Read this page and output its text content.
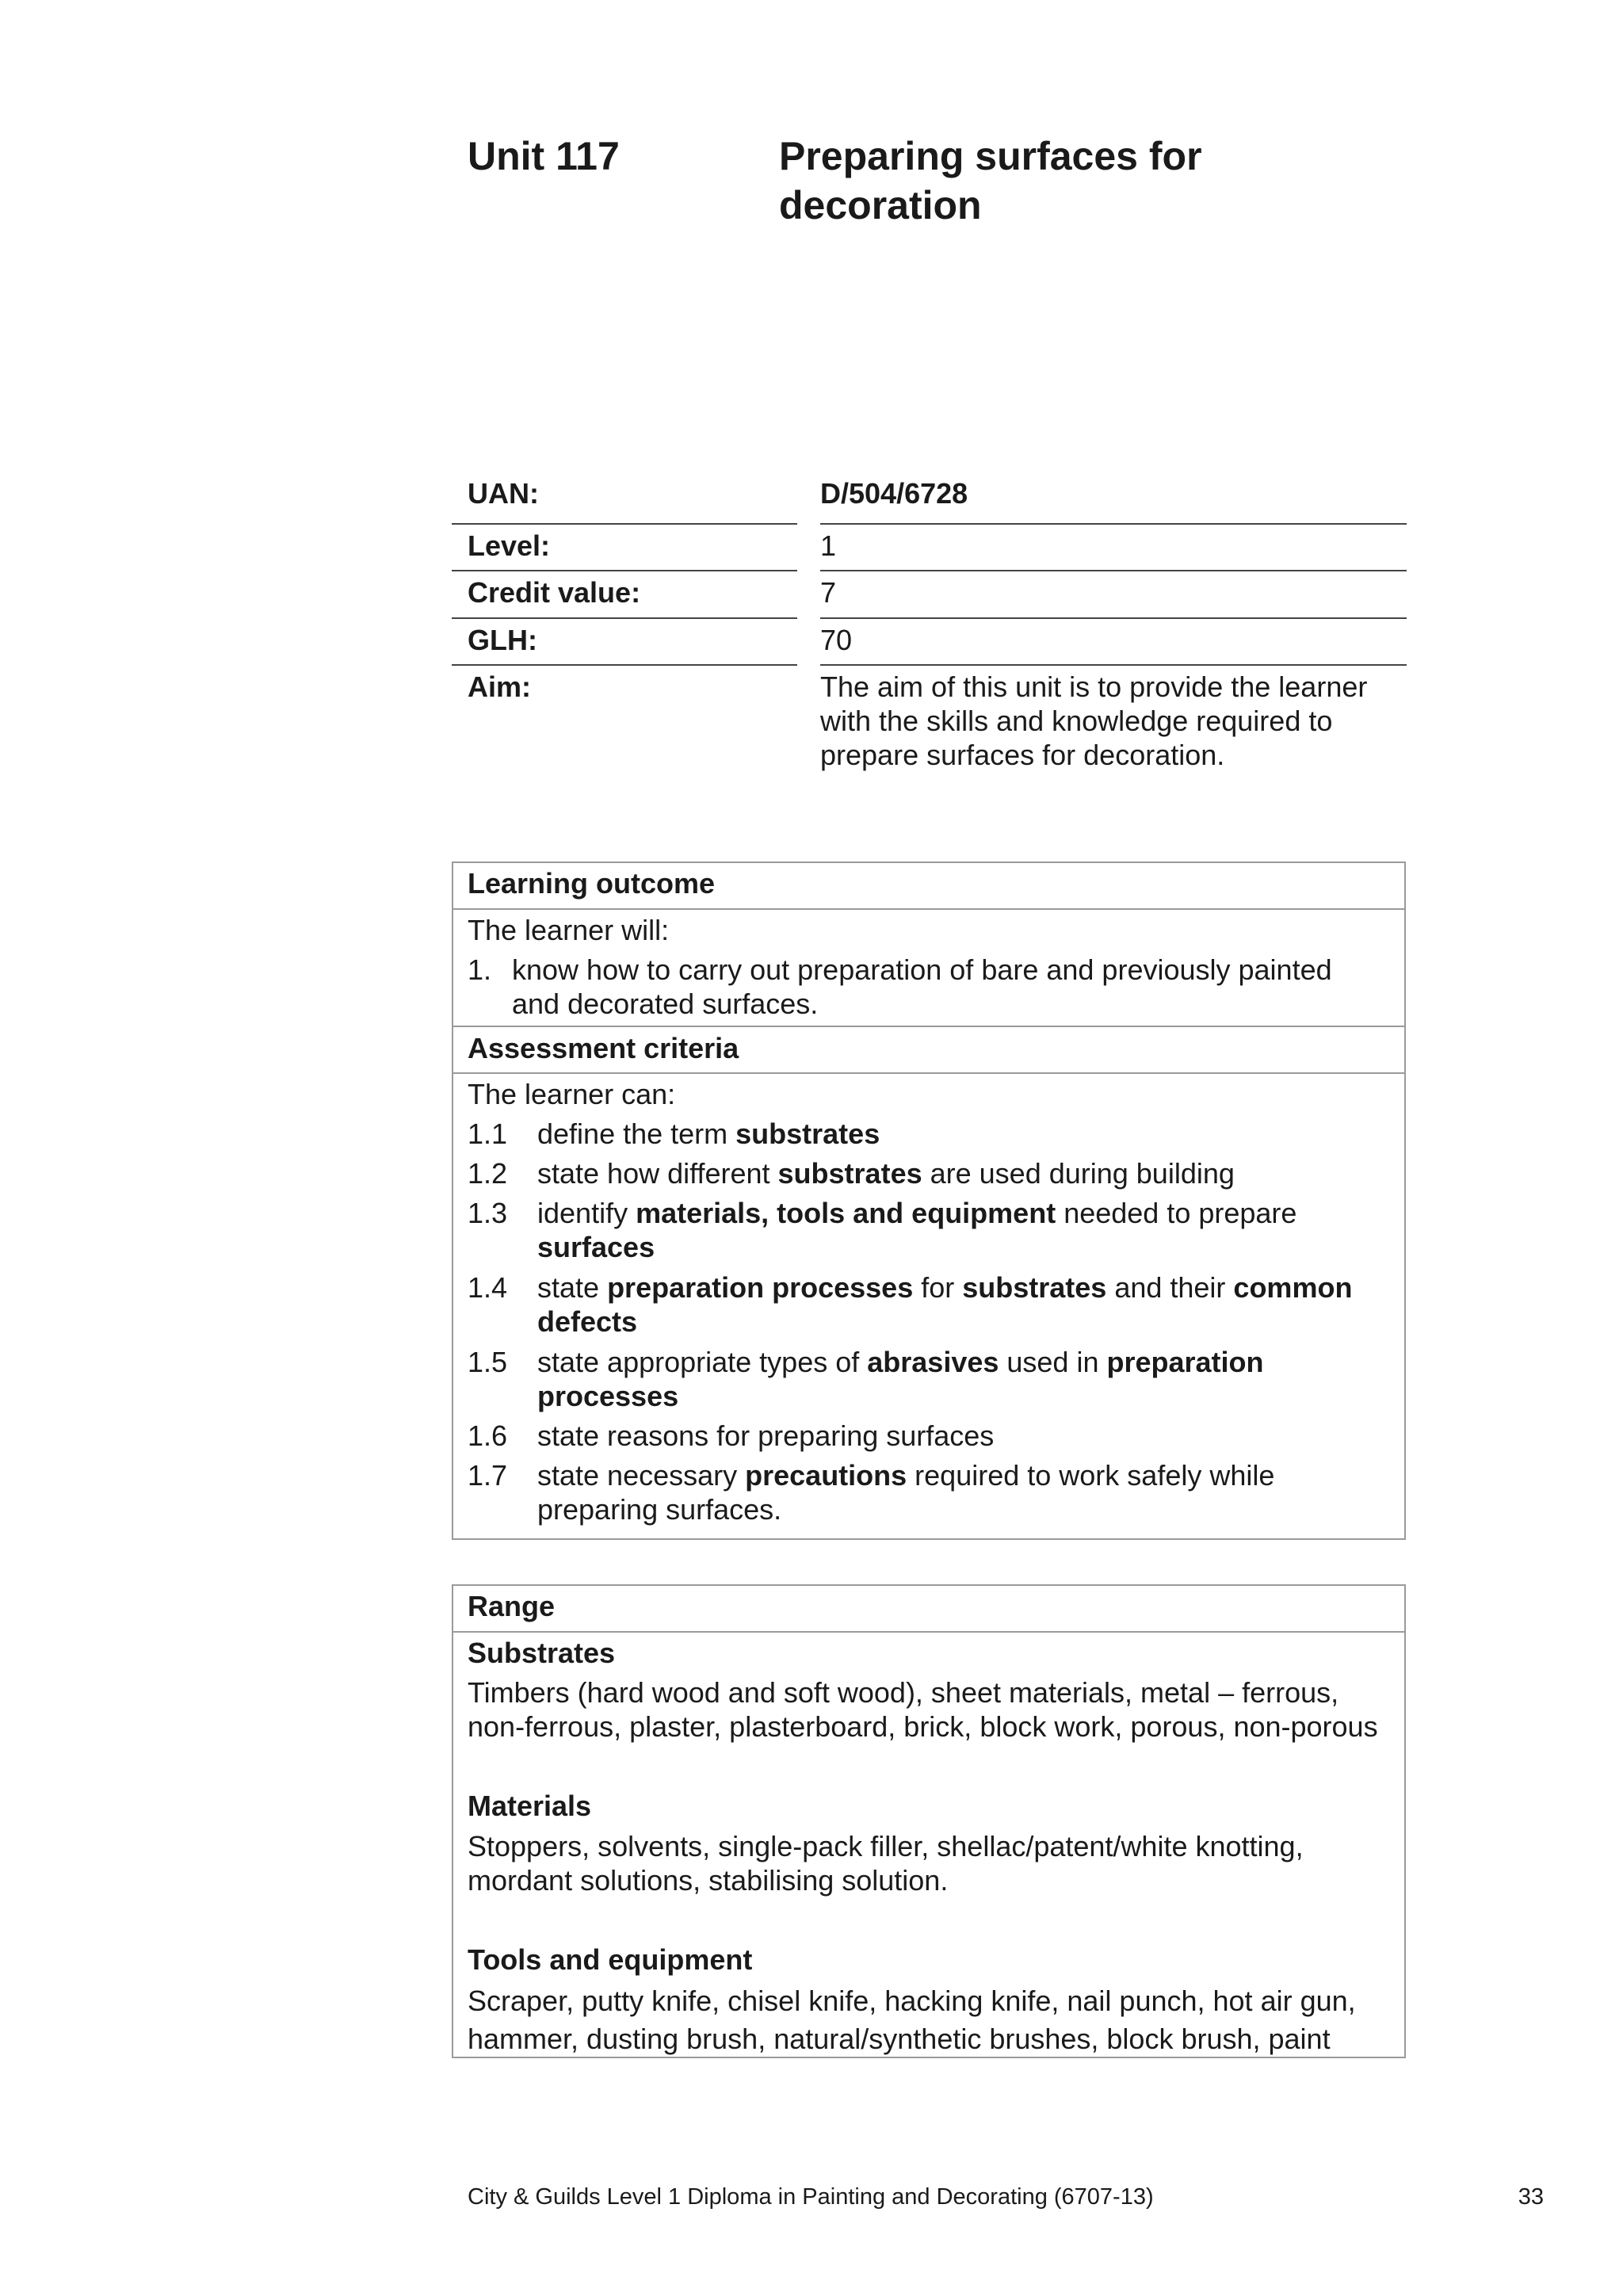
Unit 117	Preparing surfaces for decoration
UAN:	D/504/6728
Level:	1
Credit value:	7
GLH:	70
Aim:	The aim of this unit is to provide the learner with the skills and knowledge required to prepare surfaces for decoration.
Learning outcome
The learner will:
1. know how to carry out preparation of bare and previously painted and decorated surfaces.
Assessment criteria
The learner can:
1.1 define the term substrates
1.2 state how different substrates are used during building
1.3 identify materials, tools and equipment needed to prepare surfaces
1.4 state preparation processes for substrates and their common defects
1.5 state appropriate types of abrasives used in preparation processes
1.6 state reasons for preparing surfaces
1.7 state necessary precautions required to work safely while preparing surfaces.
Range
Substrates
Timbers (hard wood and soft wood), sheet materials, metal – ferrous, non-ferrous, plaster, plasterboard, brick, block work, porous, non-porous
Materials
Stoppers, solvents, single-pack filler, shellac/patent/white knotting, mordant solutions, stabilising solution.
Tools and equipment
Scraper, putty knife, chisel knife, hacking knife, nail punch, hot air gun, hammer, dusting brush, natural/synthetic brushes, block brush, paint
City & Guilds Level 1 Diploma in Painting and Decorating (6707-13)	33
